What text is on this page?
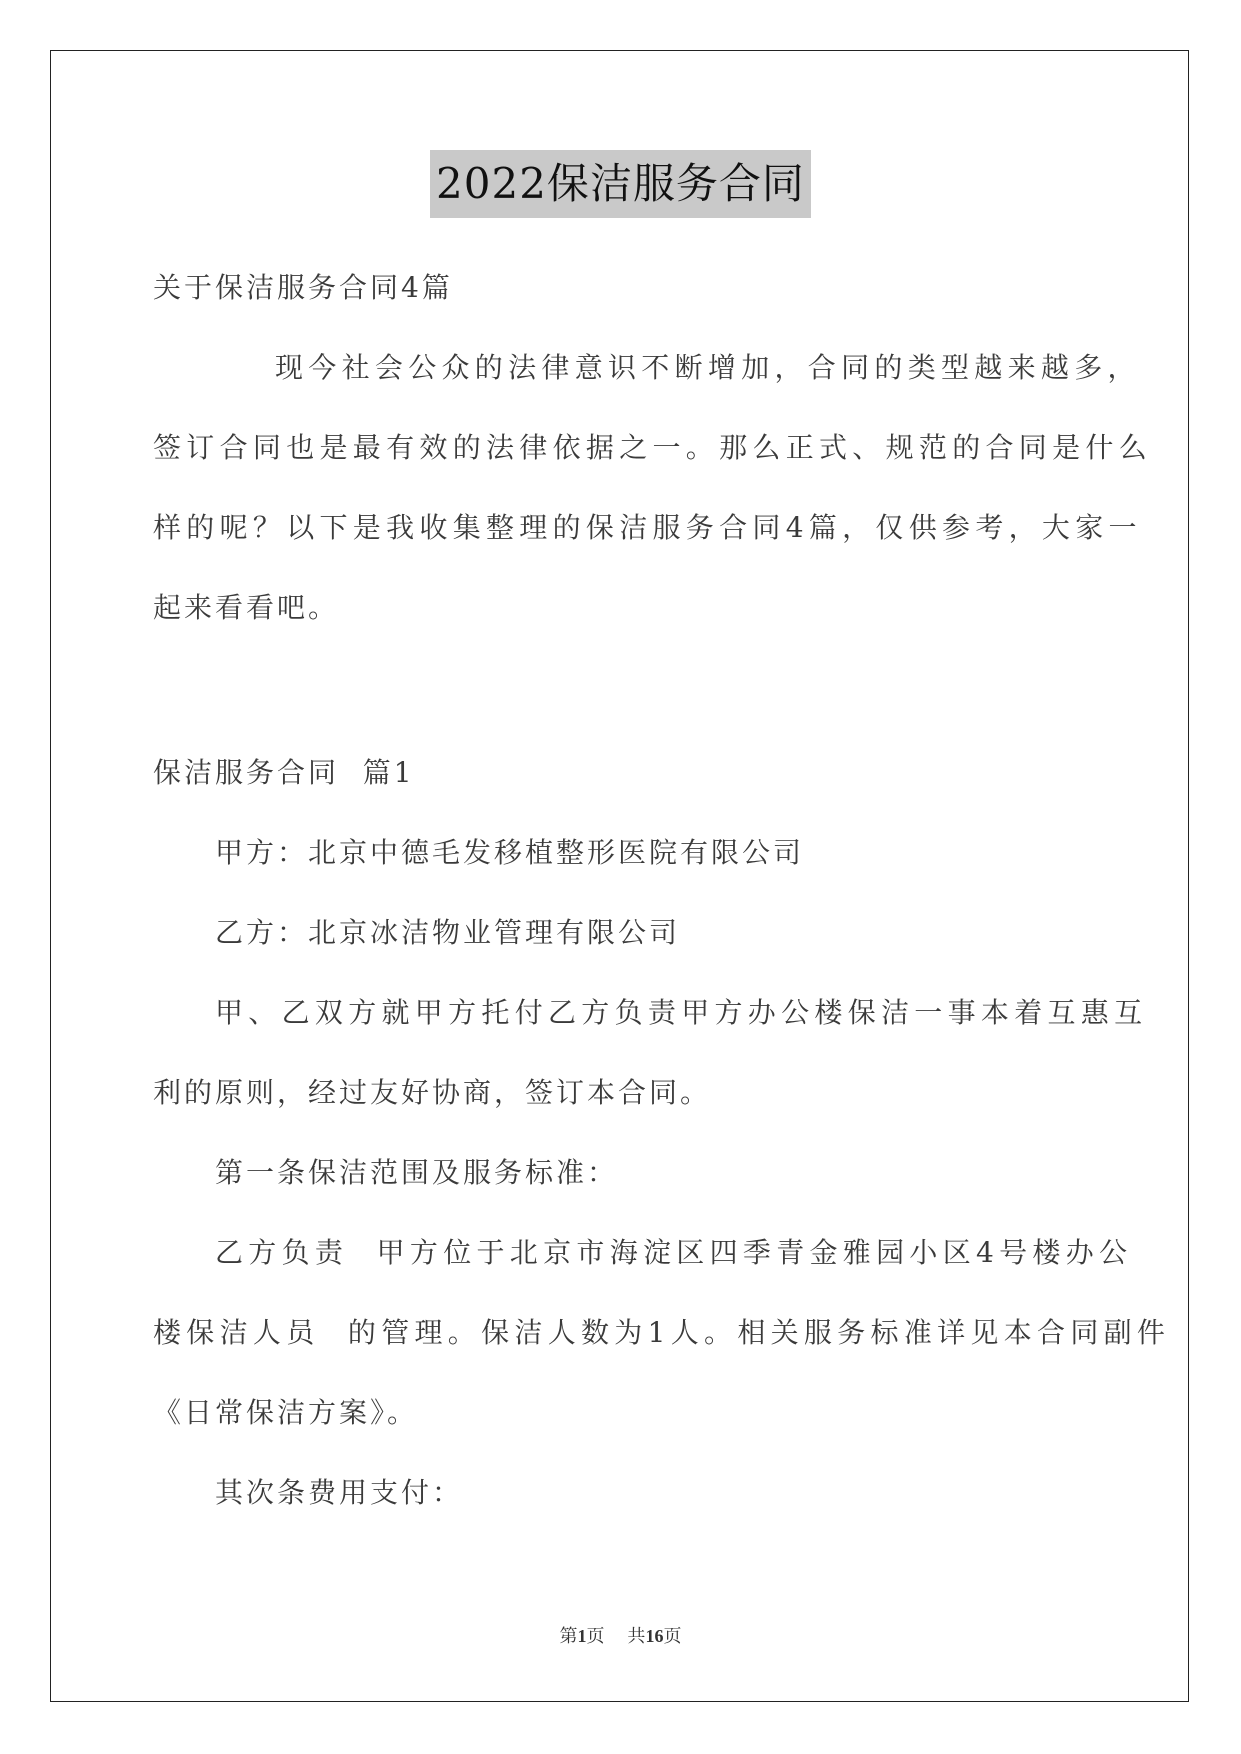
2022保洁服务合同
关于保洁服务合同4篇
现今社会公众的法律意识不断增加，合同的类型越来越多，
签订合同也是最有效的法律依据之一。那么正式、规范的合同是什么
样的呢？以下是我收集整理的保洁服务合同4篇，仅供参考，大家一
起来看看吧。
保洁服务合同  篇1
甲方：北京中德毛发移植整形医院有限公司
乙方：北京冰洁物业管理有限公司
甲、乙双方就甲方托付乙方负责甲方办公楼保洁一事本着互惠互
利的原则，经过友好协商，签订本合同。
第一条保洁范围及服务标准：
乙方负责  甲方位于北京市海淀区四季青金雅园小区4号楼办公
楼保洁人员  的管理。保洁人数为1人。相关服务标准详见本合同副件
《日常保洁方案》。
其次条费用支付：
第1页    共16页
